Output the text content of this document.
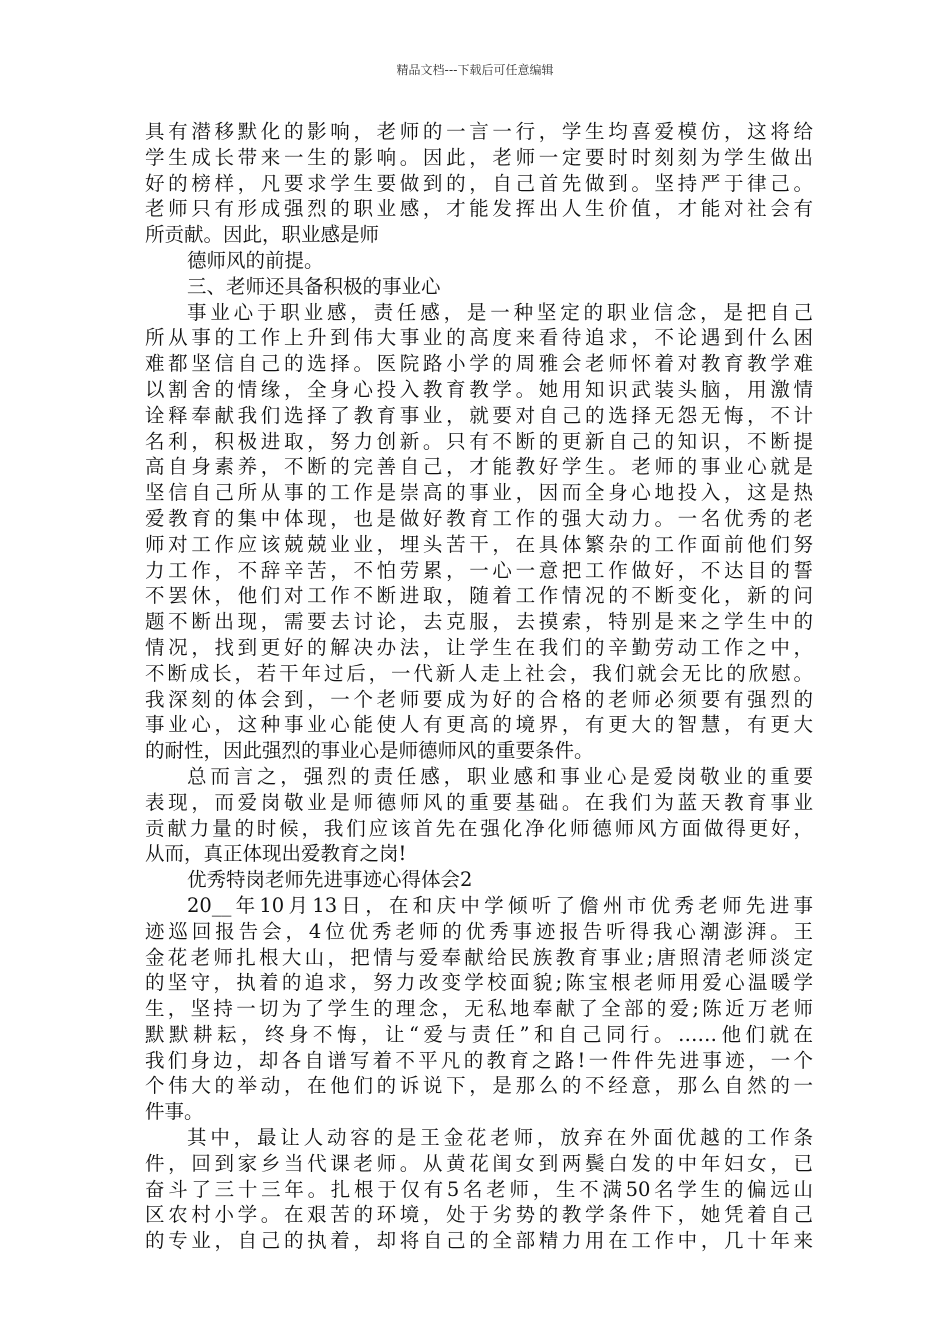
精品文档---下载后可任意编辑
具有潜移默化的影响，老师的一言一行，学生均喜爱模仿，这将给
学生成长带来一生的影响。因此，老师一定要时时刻刻为学生做出
好的榜样，凡要求学生要做到的，自己首先做到。坚持严于律己。
老师只有形成强烈的职业感，才能发挥出人生价值，才能对社会有
所贡献。因此，职业感是师
德师风的前提。
三、老师还具备积极的事业心
事业心于职业感，责任感，是一种坚定的职业信念，是把自己
所从事的工作上升到伟大事业的高度来看待追求，不论遇到什么困
难都坚信自己的选择。医院路小学的周雅会老师怀着对教育教学难
以割舍的情缘，全身心投入教育教学。她用知识武装头脑，用激情
诠释奉献我们选择了教育事业，就要对自己的选择无怨无悔，不计
名利，积极进取，努力创新。只有不断的更新自己的知识，不断提
高自身素养，不断的完善自己，才能教好学生。老师的事业心就是
坚信自己所从事的工作是崇高的事业，因而全身心地投入，这是热
爱教育的集中体现，也是做好教育工作的强大动力。一名优秀的老
师对工作应该兢兢业业，埋头苦干，在具体繁杂的工作面前他们努
力工作，不辞辛苦，不怕劳累，一心一意把工作做好，不达目的誓
不罢休，他们对工作不断进取，随着工作情况的不断变化，新的问
题不断出现，需要去讨论，去克服，去摸索，特别是来之学生中的
情况，找到更好的解决办法，让学生在我们的辛勤劳动工作之中，
不断成长，若干年过后，一代新人走上社会，我们就会无比的欣慰。
我深刻的体会到，一个老师要成为好的合格的老师必须要有强烈的
事业心，这种事业心能使人有更高的境界，有更大的智慧，有更大
的耐性，因此强烈的事业心是师德师风的重要条件。
总而言之，强烈的责任感，职业感和事业心是爱岗敬业的重要
表现，而爱岗敬业是师德师风的重要基础。在我们为蓝天教育事业
贡献力量的时候，我们应该首先在强化净化师德师风方面做得更好，
从而，真正体现出爱教育之岗!
优秀特岗老师先进事迹心得体会2
20__年10月13日，在和庆中学倾听了儋州市优秀老师先进事
迹巡回报告会，4位优秀老师的优秀事迹报告听得我心潮澎湃。王
金花老师扎根大山，把情与爱奉献给民族教育事业;唐照清老师淡定
的坚守，执着的追求，努力改变学校面貌;陈宝根老师用爱心温暖学
生，坚持一切为了学生的理念，无私地奉献了全部的爱;陈近万老师
默默耕耘，终身不悔，让“爱与责任”和自己同行。……他们就在
我们身边，却各自谱写着不平凡的教育之路!一件件先进事迹，一个
个伟大的举动，在他们的诉说下，是那么的不经意，那么自然的一
件事。
其中，最让人动容的是王金花老师，放弃在外面优越的工作条
件，回到家乡当代课老师。从黄花闺女到两鬓白发的中年妇女，已
奋斗了三十三年。扎根于仅有5名老师，生不满50名学生的偏远山
区农村小学。在艰苦的环境，处于劣势的教学条件下，她凭着自己
的专业，自己的执着，却将自己的全部精力用在工作中，几十年来
